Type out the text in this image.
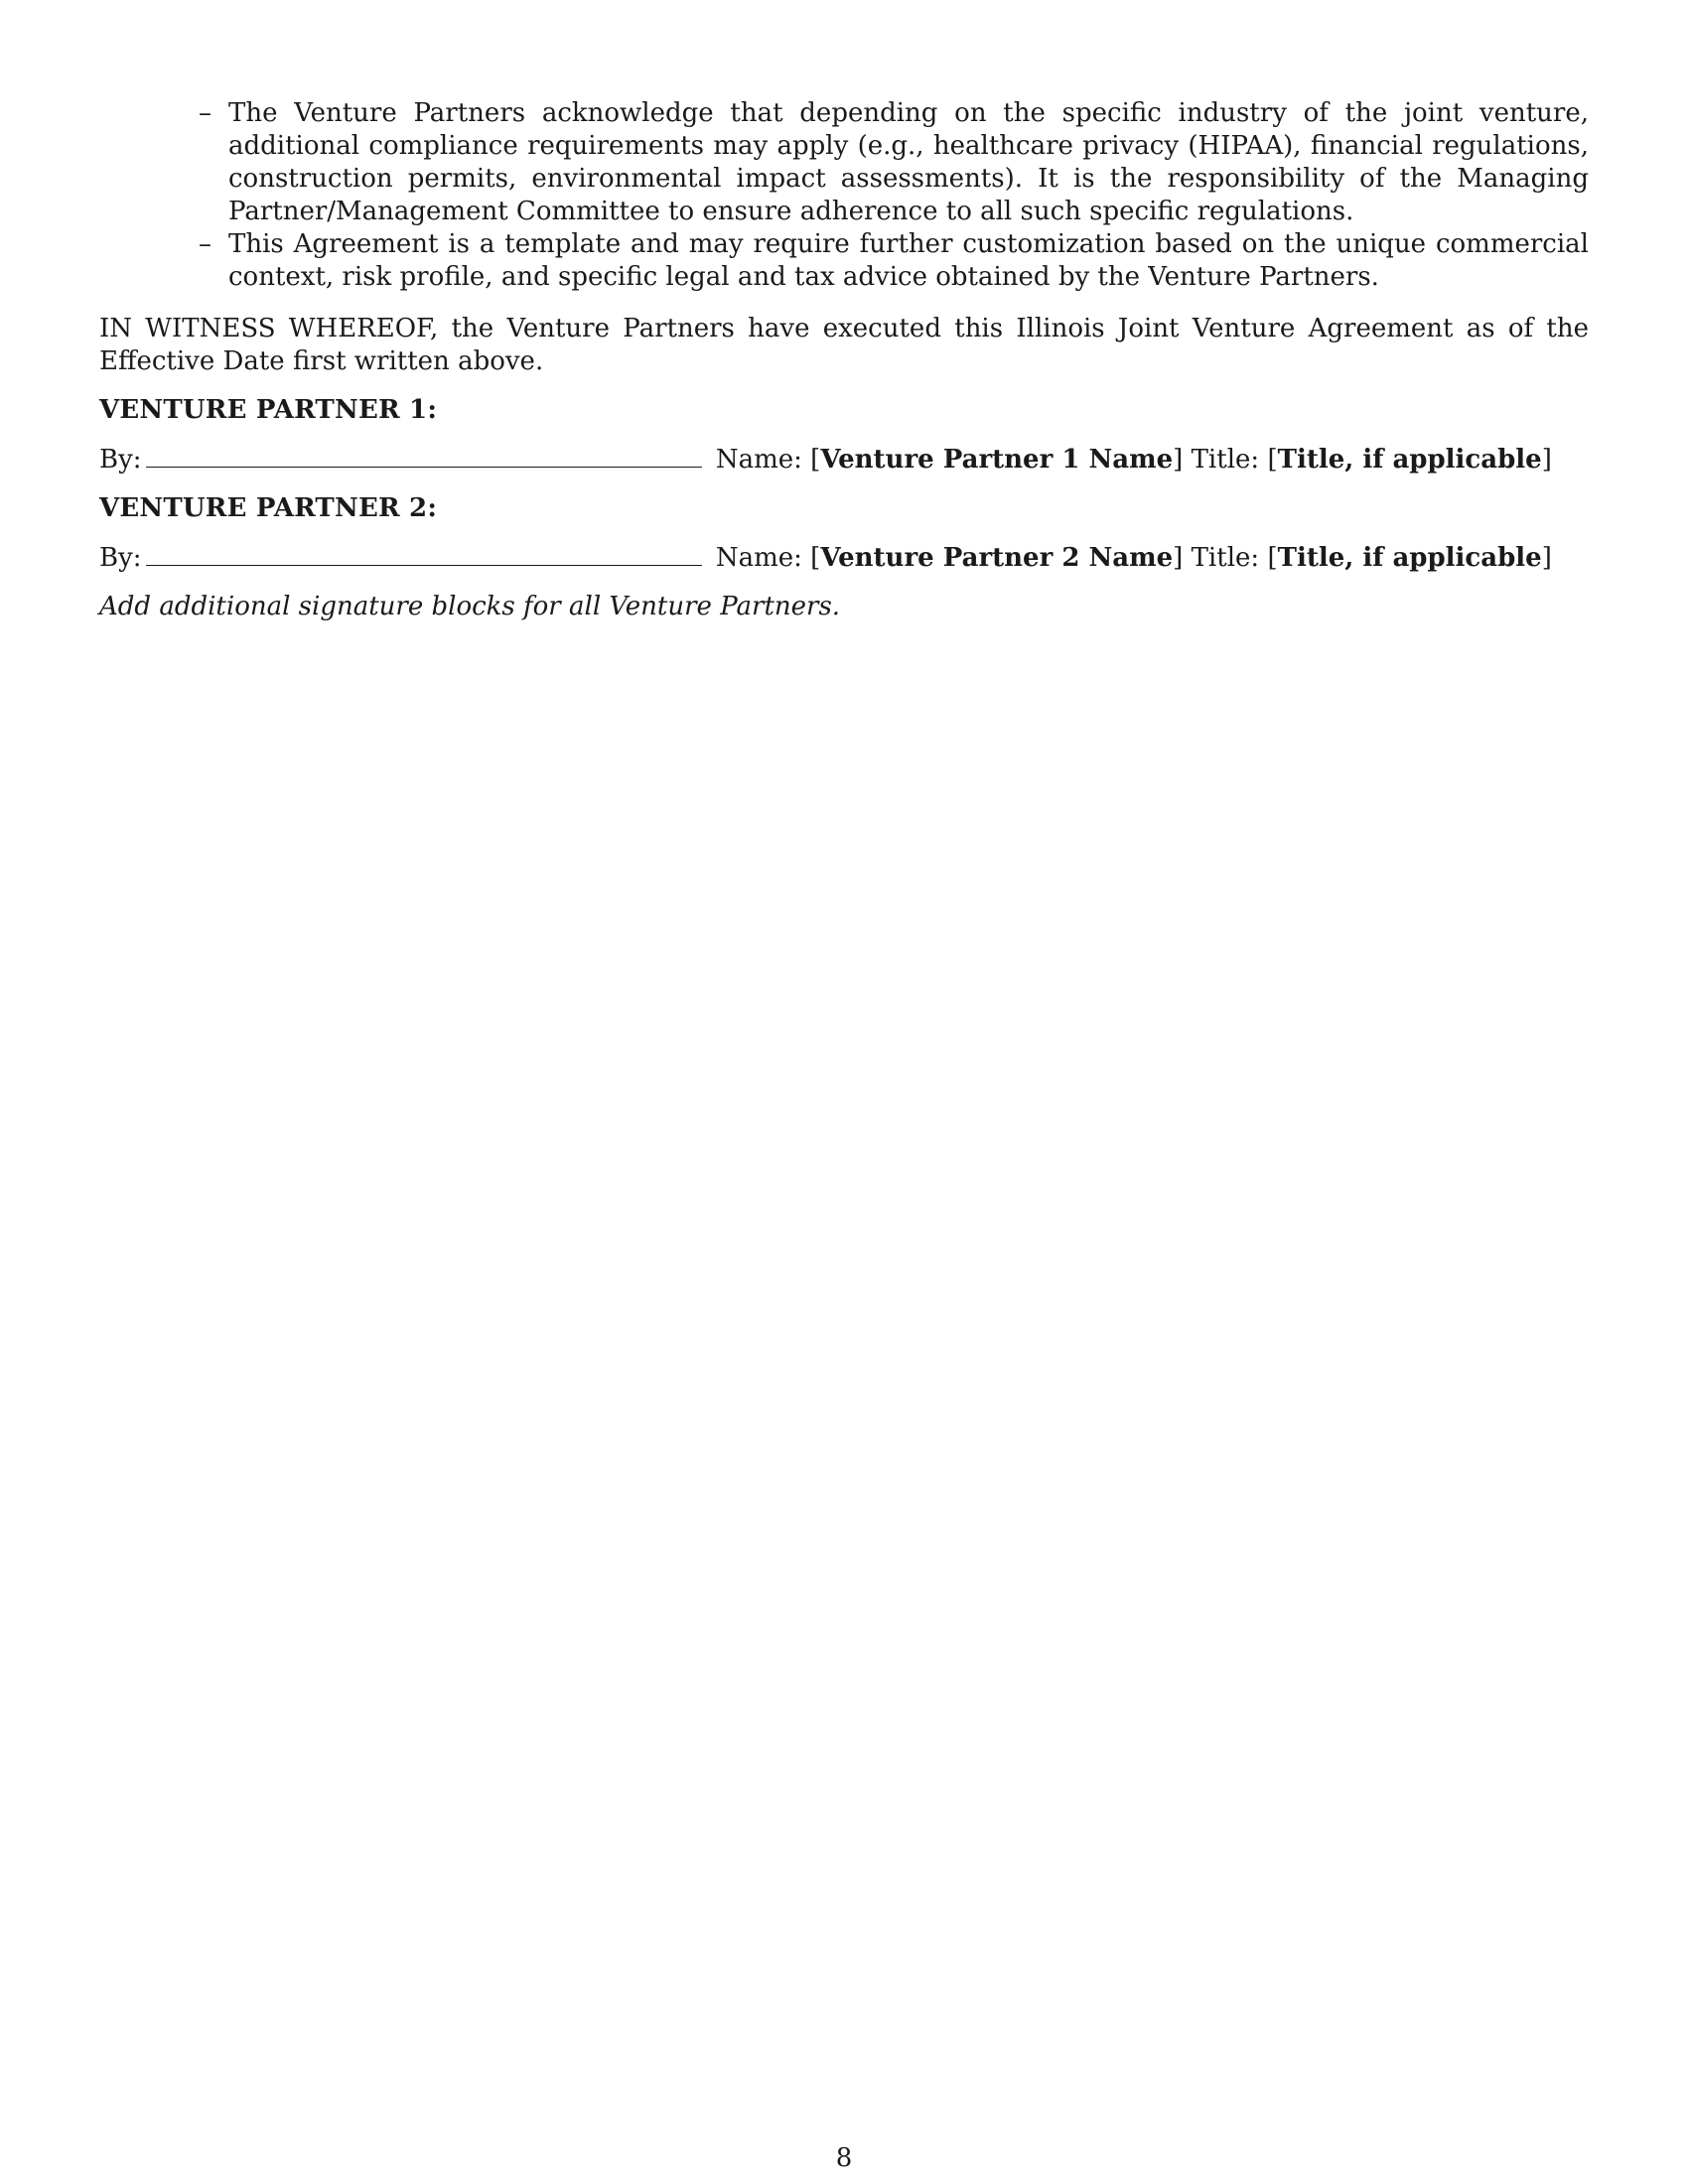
– The Venture Partners acknowledge that depending on the specific industry of the joint venture, additional compliance requirements may apply (e.g., healthcare privacy (HIPAA), financial regulations, construction permits, environmental impact assessments). It is the responsibility of the Managing Partner/Management Committee to ensure adherence to all such specific regulations.
– This Agreement is a template and may require further customization based on the unique commercial context, risk profile, and specific legal and tax advice obtained by the Venture Partners.

IN WITNESS WHEREOF, the Venture Partners have executed this Illinois Joint Venture Agreement as of the Effective Date first written above.

VENTURE PARTNER 1:
By:	Name: [Venture Partner 1 Name] Title: [Title, if applicable]
VENTURE PARTNER 2:
By:	Name: [Venture Partner 2 Name] Title: [Title, if applicable]

Add additional signature blocks for all Venture Partners.

8
